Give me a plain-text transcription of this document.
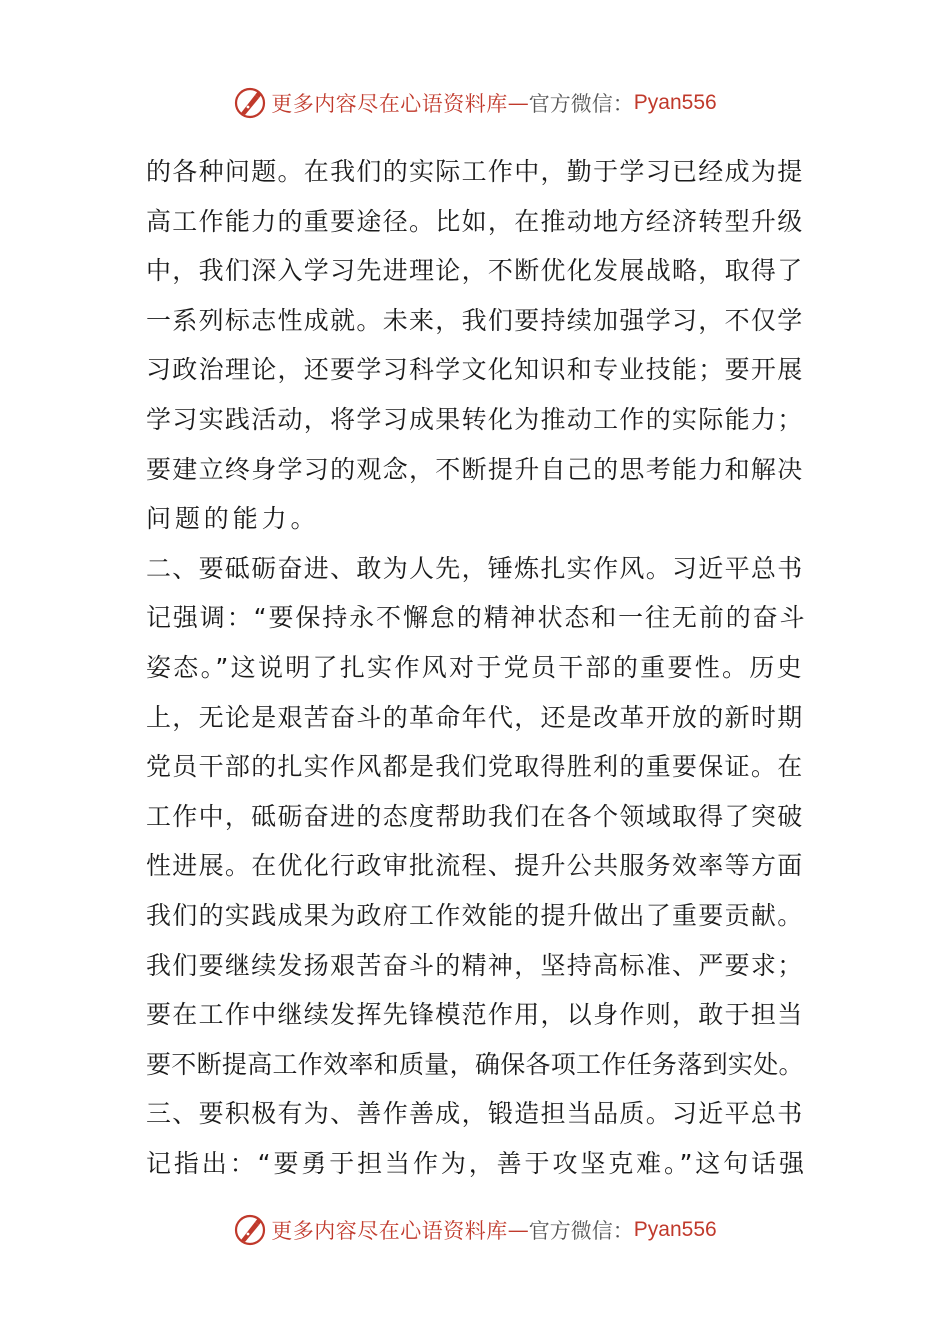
更多内容尽在心语资料库 — 官方微信： Pyan556
的各种问题。在我们的实际工作中，勤于学习已经成为提
高工作能力的重要途径。比如，在推动地方经济转型升级
中，我们深入学习先进理论，不断优化发展战略，取得了
一系列标志性成就。未来，我们要持续加强学习，不仅学
习政治理论，还要学习科学文化知识和专业技能；要开展
学习实践活动，将学习成果转化为推动工作的实际能力；
要建立终身学习的观念，不断提升自己的思考能力和解决
问题的能力。
二、要砥砺奋进、敢为人先，锤炼扎实作风。习近平总书
记强调：“要保持永不懈怠的精神状态和一往无前的奋斗
姿态。”这说明了扎实作风对于党员干部的重要性。历史
上，无论是艰苦奋斗的革命年代，还是改革开放的新时期
党员干部的扎实作风都是我们党取得胜利的重要保证。在
工作中，砥砺奋进的态度帮助我们在各个领域取得了突破
性进展。在优化行政审批流程、提升公共服务效率等方面
我们的实践成果为政府工作效能的提升做出了重要贡献。
我们要继续发扬艰苦奋斗的精神，坚持高标准、严要求；
要在工作中继续发挥先锋模范作用，以身作则，敢于担当
要不断提高工作效率和质量，确保各项工作任务落到实处。
三、要积极有为、善作善成，锻造担当品质。习近平总书
记指出：“要勇于担当作为，善于攻坚克难。”这句话强
更多内容尽在心语资料库 — 官方微信： Pyan556
